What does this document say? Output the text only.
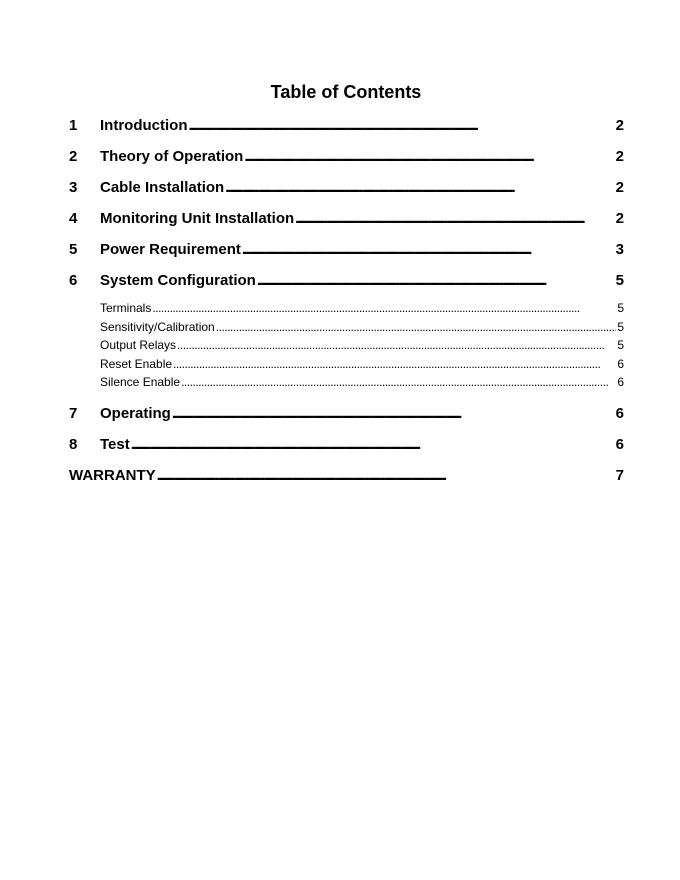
Table of Contents
1	Introduction . . .	2
2	Theory of Operation . . .	2
3	Cable Installation . . .	2
4	Monitoring Unit Installation . . .	2
5	Power Requirement . . .	3
6	System Configuration . . .	5
Terminals . . .	5
Sensitivity/Calibration . . .	5
Output Relays . . .	5
Reset Enable . . .	6
Silence Enable . . .	6
7	Operating . . .	6
8	Test . . .	6
WARRANTY . . .	7
